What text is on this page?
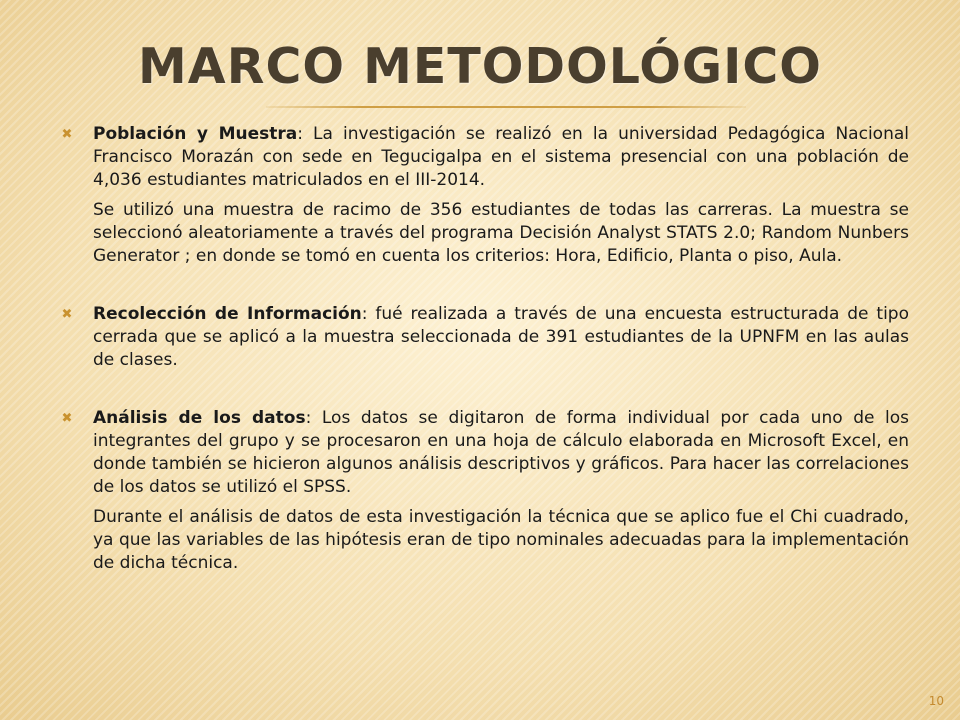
MARCO METODOLÓGICO

✖ Población y Muestra: La investigación se realizó en la universidad Pedagógica Nacional Francisco Morazán con sede en Tegucigalpa en el sistema presencial con una población de 4,036 estudiantes matriculados en el III-2014.

Se utilizó una muestra de racimo de 356 estudiantes de todas las carreras. La muestra se seleccionó aleatoriamente a través del programa Decisión Analyst STATS 2.0; Random Nunbers Generator ; en donde se tomó en cuenta los criterios: Hora, Edificio, Planta o piso, Aula.

✖ Recolección de Información: fué realizada a través de una encuesta estructurada de tipo cerrada que se aplicó a la muestra seleccionada de 391 estudiantes de la UPNFM en las aulas de clases.

✖ Análisis de los datos: Los datos se digitaron de forma individual por cada uno de los integrantes del grupo y se procesaron en una hoja de cálculo elaborada en Microsoft Excel, en donde también se hicieron algunos análisis descriptivos y gráficos. Para hacer las correlaciones de los datos se utilizó el SPSS.

Durante el análisis de datos de esta investigación la técnica que se aplico fue el Chi cuadrado, ya que las variables de las hipótesis eran de tipo nominales adecuadas para la implementación de dicha técnica.

10
